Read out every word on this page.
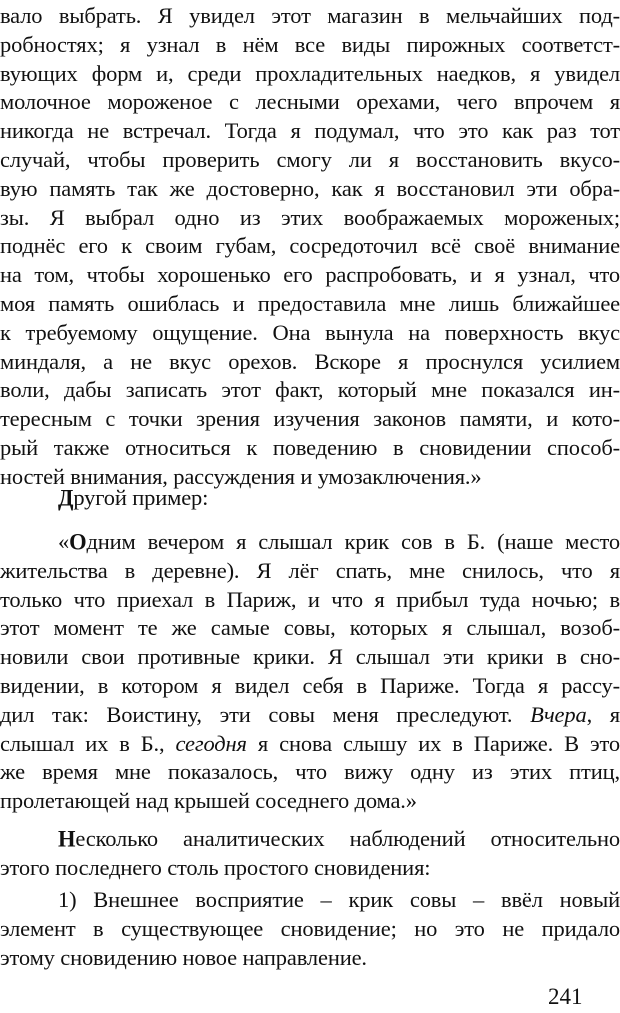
вало выбрать. Я увидел этот магазин в мельчайших под-
робностях; я узнал в нём все виды пирожных соответст-
вующих форм и, среди прохладительных наедков, я увидел
молочное мороженое с лесными орехами, чего впрочем я
никогда не встречал. Тогда я подумал, что это как раз тот
случай, чтобы проверить смогу ли я восстановить вкусо-
вую память так же достоверно, как я восстановил эти обра-
зы. Я выбрал одно из этих воображаемых мороженых;
поднёс его к своим губам, сосредоточил всё своё внимание
на том, чтобы хорошенько его распробовать, и я узнал, что
моя память ошиблась и предоставила мне лишь ближайшее
к требуемому ощущение. Она вынула на поверхность вкус
миндаля, а не вкус орехов. Вскоре я проснулся усилием
воли, дабы записать этот факт, который мне показался ин-
тересным с точки зрения изучения законов памяти, и кото-
рый также относиться к поведению в сновидении способ-
ностей внимания, рассуждения и умозаключения.»
Другой пример:
«Одним вечером я слышал крик сов в Б. (наше место
жительства в деревне). Я лёг спать, мне снилось, что я
только что приехал в Париж, и что я прибыл туда ночью; в
этот момент те же самые совы, которых я слышал, возоб-
новили свои противные крики. Я слышал эти крики в сно-
видении, в котором я видел себя в Париже. Тогда я рассу-
дил так: Воистину, эти совы меня преследуют. Вчера, я
слышал их в Б., сегодня я снова слышу их в Париже. В это
же время мне показалось, что вижу одну из этих птиц,
пролетающей над крышей соседнего дома.»
Несколько аналитических наблюдений относительно
этого последнего столь простого сновидения:
1) Внешнее восприятие – крик совы – ввёл новый
элемент в существующее сновидение; но это не придало
этому сновидению новое направление.
241
